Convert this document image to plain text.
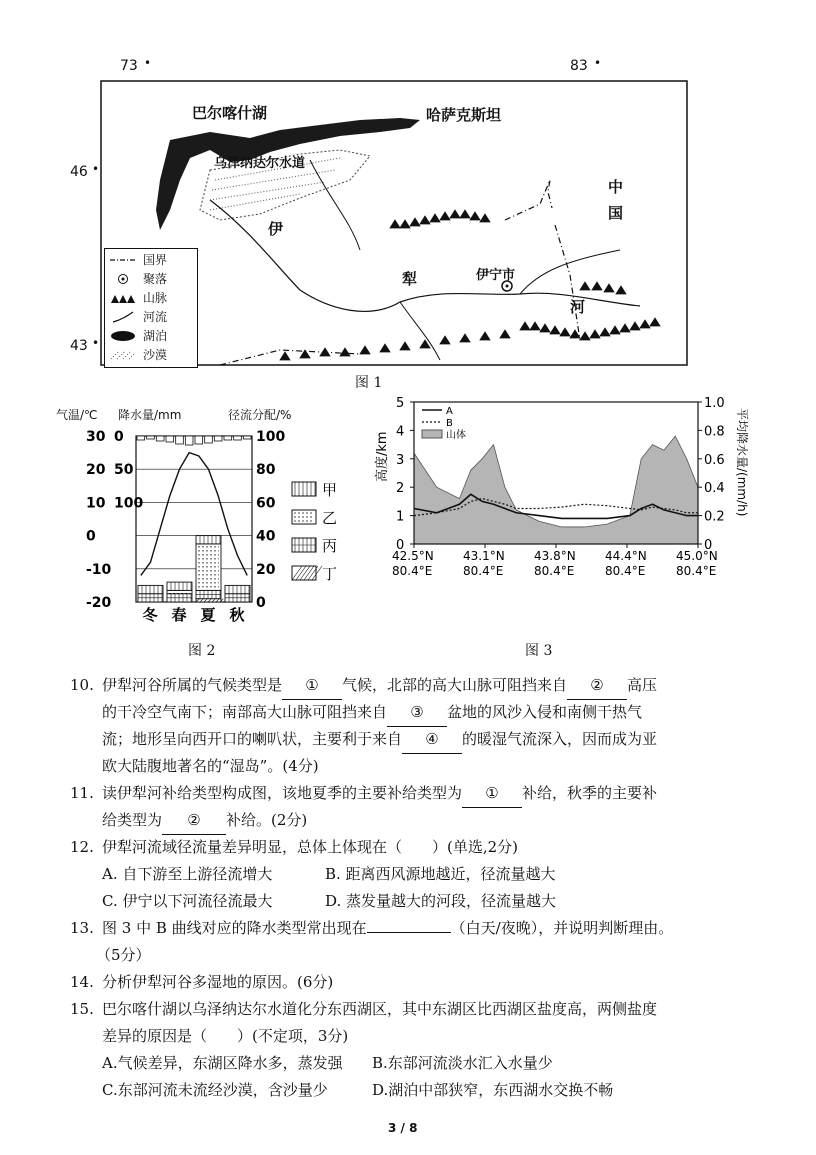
73 •	83 •
46 •
43 •
巴尔喀什湖	哈萨克斯坦
乌泽纳达尔水道
中
国
伊
犁
河
伊宁市
国界
聚落
山脉
河流
湖泊
沙漠
图 1
气温/℃ 降水量/mm	径流分配/%
30
20
10
0
-10
-20
100
80
60
40
20
0
0
50
100
冬 春 夏 秋
甲
乙
丙
丁
图 2
5
4
3
2
1
0
1.0
0.8
0.6
0.4
0.2
0
42.5°N
80.4°E
43.1°N
80.4°E
43.8°N
80.4°E
44.4°N
80.4°E
45.0°N
80.4°E
高度/km	平均降水量/(mm/h)
A
B
山体
图 3
10. 伊犁河谷所属的气候类型是 ① 气候，北部的高大山脉可阻挡来自 ② 高压
的干冷空气南下；南部高大山脉可阻挡来自 ③ 盆地的风沙入侵和南侧干热气
流；地形呈向西开口的喇叭状，主要利于来自 ④ 的暖湿气流深入，因而成为亚
欧大陆腹地著名的“湿岛”。(4分)
11. 读伊犁河补给类型构成图，该地夏季的主要补给类型为 ① 补给，秋季的主要补
给类型为 ② 补给。(2分)
12. 伊犁河流域径流量差异明显，总体上体现在（　　）(单选,2分)
A. 自下游至上游径流增大	B. 距离西风源地越近，径流量越大
C. 伊宁以下河流径流最大	D. 蒸发量越大的河段，径流量越大
13. 图 3 中 B 曲线对应的降水类型常出现在	（白天/夜晚），并说明判断理由。
（5分）
14. 分析伊犁河谷多湿地的原因。(6分)
15. 巴尔喀什湖以乌泽纳达尔水道化分东西湖区，其中东湖区比西湖区盐度高，两侧盐度
差异的原因是（　　）(不定项，3分)
A.气候差异，东湖区降水多，蒸发强 B.东部河流淡水汇入水量少
C.东部河流未流经沙漠，含沙量少	D.湖泊中部狭窄，东西湖水交换不畅
3 / 8
